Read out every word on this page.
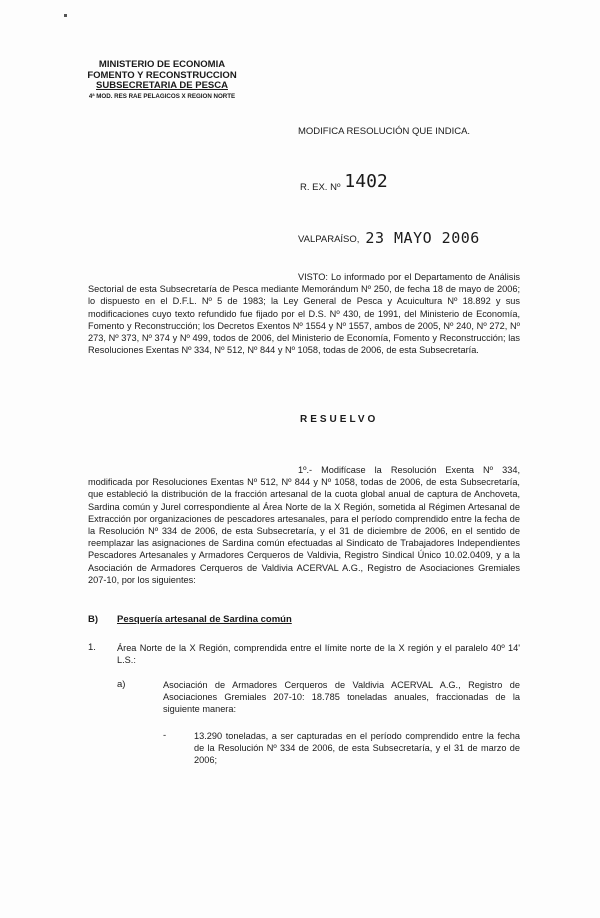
MINISTERIO DE ECONOMIA
FOMENTO Y RECONSTRUCCION
SUBSECRETARIA DE PESCA
4ª MOD. RES RAE PELAGICOS X REGION NORTE
MODIFICA RESOLUCIÓN QUE INDICA.
R. EX. Nº 1402
VALPARAÍSO, 23 MAYO 2006
VISTO: Lo informado por el Departamento de Análisis Sectorial de esta Subsecretaría de Pesca mediante Memorándum Nº 250, de fecha 18 de mayo de 2006; lo dispuesto en el D.F.L. Nº 5 de 1983; la Ley General de Pesca y Acuicultura Nº 18.892 y sus modificaciones cuyo texto refundido fue fijado por el D.S. Nº 430, de 1991, del Ministerio de Economía, Fomento y Reconstrucción; los Decretos Exentos Nº 1554 y Nº 1557, ambos de 2005, Nº 240, Nº 272, Nº 273, Nº 373, Nº 374 y Nº 499, todos de 2006, del Ministerio de Economía, Fomento y Reconstrucción; las Resoluciones Exentas Nº 334, Nº 512, Nº 844 y Nº 1058, todas de 2006, de esta Subsecretaría.
RESUELVO
1º.- Modifícase la Resolución Exenta Nº 334, modificada por Resoluciones Exentas Nº 512, Nº 844 y Nº 1058, todas de 2006, de esta Subsecretaría, que estableció la distribución de la fracción artesanal de la cuota global anual de captura de Anchoveta, Sardina común y Jurel correspondiente al Área Norte de la X Región, sometida al Régimen Artesanal de Extracción por organizaciones de pescadores artesanales, para el período comprendido entre la fecha de la Resolución Nº 334 de 2006, de esta Subsecretaría, y el 31 de diciembre de 2006, en el sentido de reemplazar las asignaciones de Sardina común efectuadas al Sindicato de Trabajadores Independientes Pescadores Artesanales y Armadores Cerqueros de Valdivia, Registro Sindical Único 10.02.0409, y a la Asociación de Armadores Cerqueros de Valdivia ACERVAL A.G., Registro de Asociaciones Gremiales 207-10, por los siguientes:
B) Pesquería artesanal de Sardina común
1. Área Norte de la X Región, comprendida entre el límite norte de la X región y el paralelo 40º 14' L.S.:
a)	Asociación de Armadores Cerqueros de Valdivia ACERVAL A.G., Registro de Asociaciones Gremiales 207-10: 18.785 toneladas anuales, fraccionadas de la siguiente manera:
-	13.290 toneladas, a ser capturadas en el período comprendido entre la fecha de la Resolución Nº 334 de 2006, de esta Subsecretaría, y el 31 de marzo de 2006;
